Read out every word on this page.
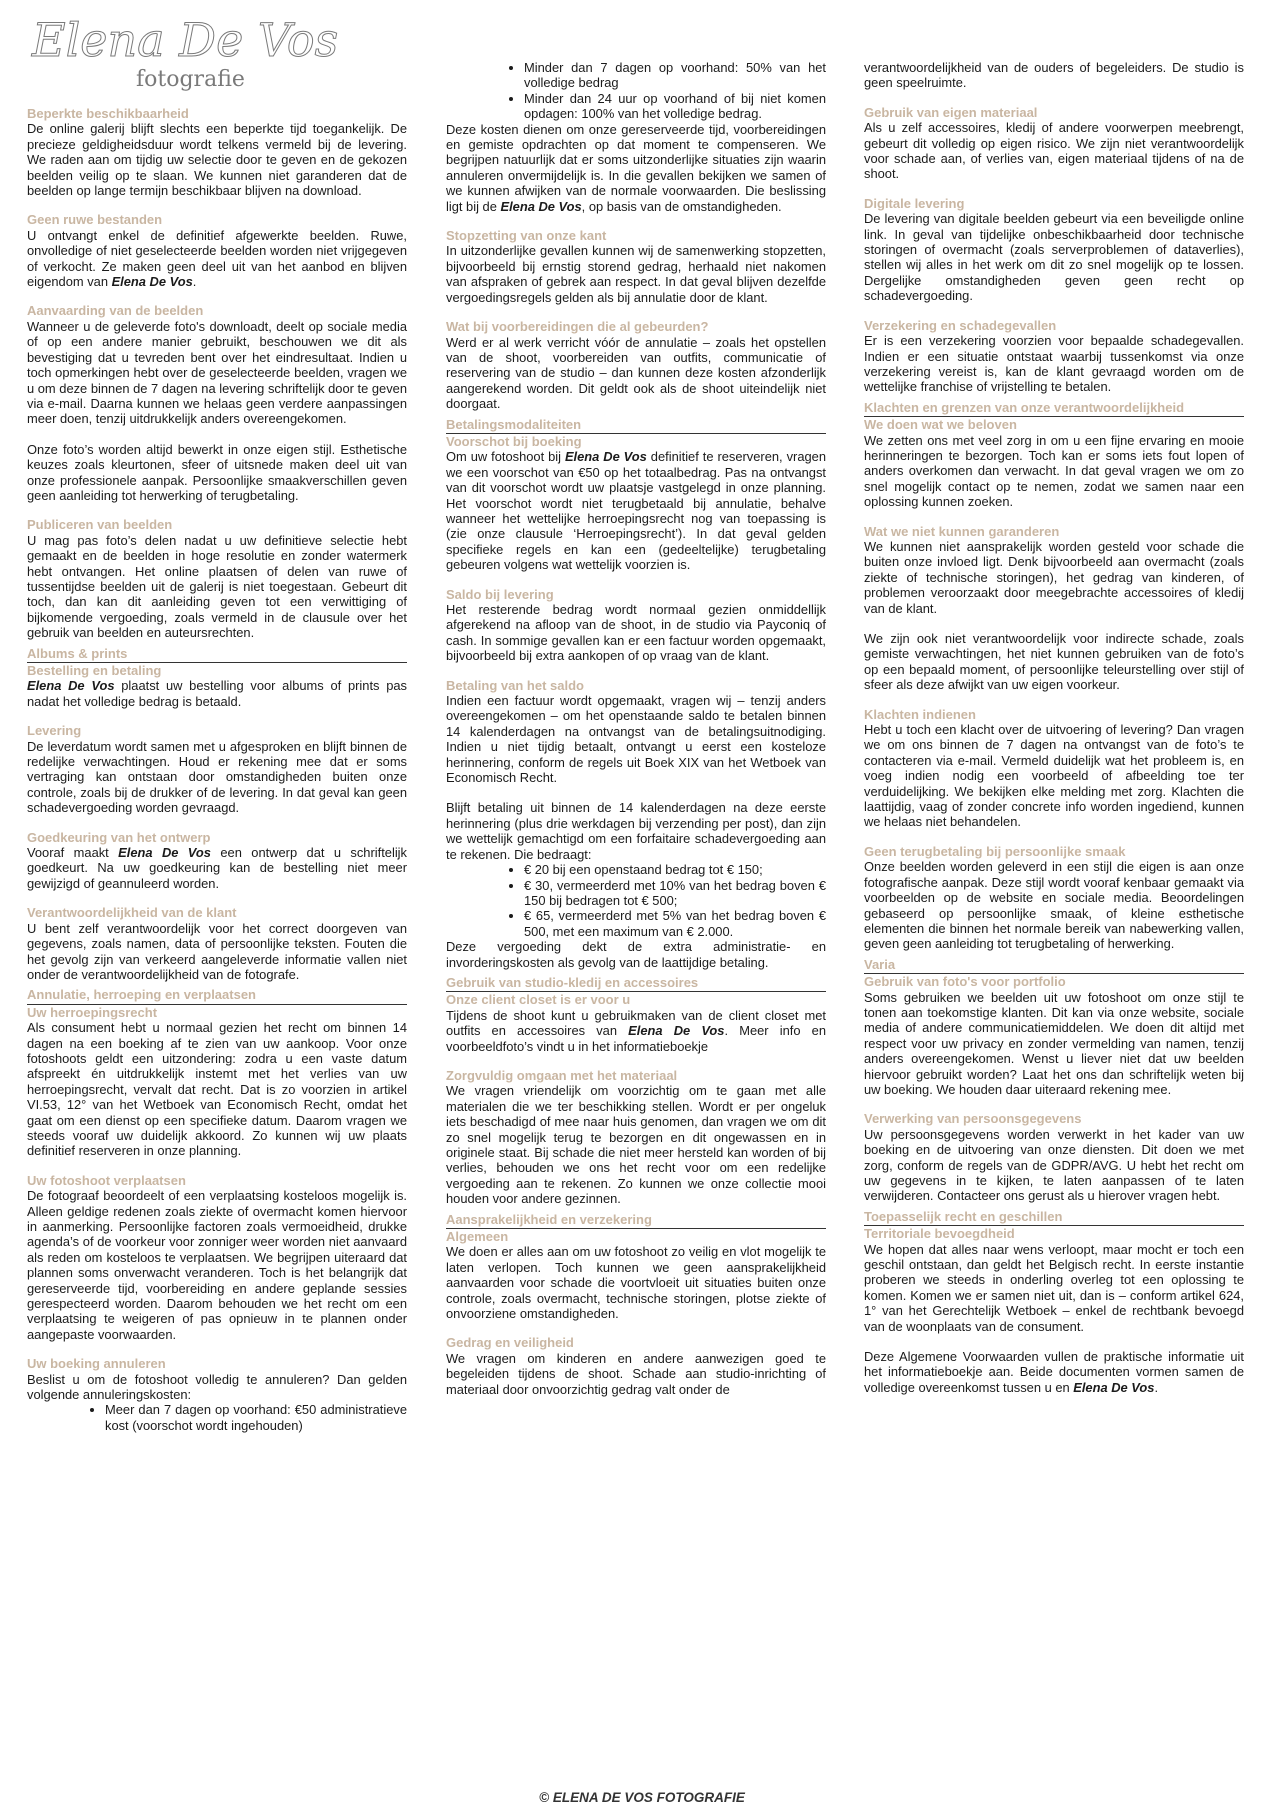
Elena De Vos
fotografie
Beperkte beschikbaarheid

De online galerij blijft slechts een beperkte tijd toegankelijk. De precieze geldigheidsduur wordt telkens vermeld bij de levering. We raden aan om tijdig uw selectie door te geven en de gekozen beelden veilig op te slaan. We kunnen niet garanderen dat de beelden op lange termijn beschikbaar blijven na download.

Geen ruwe bestanden

U ontvangt enkel de definitief afgewerkte beelden. Ruwe, onvolledige of niet geselecteerde beelden worden niet vrijgegeven of verkocht. Ze maken geen deel uit van het aanbod en blijven eigendom van Elena De Vos.

Aanvaarding van de beelden

Wanneer u de geleverde foto's downloadt, deelt op sociale media of op een andere manier gebruikt, beschouwen we dit als bevestiging dat u tevreden bent over het eindresultaat. Indien u toch opmerkingen hebt over de geselecteerde beelden, vragen we u om deze binnen de 7 dagen na levering schriftelijk door te geven via e-mail. Daarna kunnen we helaas geen verdere aanpassingen meer doen, tenzij uitdrukkelijk anders overeengekomen.

Onze foto’s worden altijd bewerkt in onze eigen stijl. Esthetische keuzes zoals kleurtonen, sfeer of uitsnede maken deel uit van onze professionele aanpak. Persoonlijke smaakverschillen geven geen aanleiding tot herwerking of terugbetaling.

Publiceren van beelden

U mag pas foto’s delen nadat u uw definitieve selectie hebt gemaakt en de beelden in hoge resolutie en zonder watermerk hebt ontvangen. Het online plaatsen of delen van ruwe of tussentijdse beelden uit de galerij is niet toegestaan. Gebeurt dit toch, dan kan dit aanleiding geven tot een verwittiging of bijkomende vergoeding, zoals vermeld in de clausule over het gebruik van beelden en auteursrechten.

Albums & prints
Bestelling en betaling

Elena De Vos plaatst uw bestelling voor albums of prints pas nadat het volledige bedrag is betaald.

Levering

De leverdatum wordt samen met u afgesproken en blijft binnen de redelijke verwachtingen. Houd er rekening mee dat er soms vertraging kan ontstaan door omstandigheden buiten onze controle, zoals bij de drukker of de levering. In dat geval kan geen schadevergoeding worden gevraagd.

Goedkeuring van het ontwerp

Vooraf maakt Elena De Vos een ontwerp dat u schriftelijk goedkeurt. Na uw goedkeuring kan de bestelling niet meer gewijzigd of geannuleerd worden.

Verantwoordelijkheid van de klant

U bent zelf verantwoordelijk voor het correct doorgeven van gegevens, zoals namen, data of persoonlijke teksten. Fouten die het gevolg zijn van verkeerd aangeleverde informatie vallen niet onder de verantwoordelijkheid van de fotografe.

Annulatie, herroeping en verplaatsen
Uw herroepingsrecht

Als consument hebt u normaal gezien het recht om binnen 14 dagen na een boeking af te zien van uw aankoop. Voor onze fotoshoots geldt een uitzondering: zodra u een vaste datum afspreekt én uitdrukkelijk instemt met het verlies van uw herroepingsrecht, vervalt dat recht. Dat is zo voorzien in artikel VI.53, 12° van het Wetboek van Economisch Recht, omdat het gaat om een dienst op een specifieke datum. Daarom vragen we steeds vooraf uw duidelijk akkoord. Zo kunnen wij uw plaats definitief reserveren in onze planning.

Uw fotoshoot verplaatsen

De fotograaf beoordeelt of een verplaatsing kosteloos mogelijk is. Alleen geldige redenen zoals ziekte of overmacht komen hiervoor in aanmerking. Persoonlijke factoren zoals vermoeidheid, drukke agenda’s of de voorkeur voor zonniger weer worden niet aanvaard als reden om kosteloos te verplaatsen. We begrijpen uiteraard dat plannen soms onverwacht veranderen. Toch is het belangrijk dat gereserveerde tijd, voorbereiding en andere geplande sessies gerespecteerd worden. Daarom behouden we het recht om een verplaatsing te weigeren of pas opnieuw in te plannen onder aangepaste voorwaarden.

Uw boeking annuleren

Beslist u om de fotoshoot volledig te annuleren? Dan gelden volgende annuleringskosten:

• Meer dan 7 dagen op voorhand: €50 administratieve kost (voorschot wordt ingehouden)
• Minder dan 7 dagen op voorhand: 50% van het volledige bedrag
• Minder dan 24 uur op voorhand of bij niet komen opdagen: 100% van het volledige bedrag.

Deze kosten dienen om onze gereserveerde tijd, voorbereidingen en gemiste opdrachten op dat moment te compenseren. We begrijpen natuurlijk dat er soms uitzonderlijke situaties zijn waarin annuleren onvermijdelijk is. In die gevallen bekijken we samen of we kunnen afwijken van de normale voorwaarden. Die beslissing ligt bij de Elena De Vos, op basis van de omstandigheden.

Stopzetting van onze kant

In uitzonderlijke gevallen kunnen wij de samenwerking stopzetten, bijvoorbeeld bij ernstig storend gedrag, herhaald niet nakomen van afspraken of gebrek aan respect. In dat geval blijven dezelfde vergoedingsregels gelden als bij annulatie door de klant.

Wat bij voorbereidingen die al gebeurden?

Werd er al werk verricht vóór de annulatie – zoals het opstellen van de shoot, voorbereiden van outfits, communicatie of reservering van de studio – dan kunnen deze kosten afzonderlijk aangerekend worden. Dit geldt ook als de shoot uiteindelijk niet doorgaat.

Betalingsmodaliteiten
Voorschot bij boeking

Om uw fotoshoot bij Elena De Vos definitief te reserveren, vragen we een voorschot van €50 op het totaalbedrag. Pas na ontvangst van dit voorschot wordt uw plaatsje vastgelegd in onze planning. Het voorschot wordt niet terugbetaald bij annulatie, behalve wanneer het wettelijke herroepingsrecht nog van toepassing is (zie onze clausule ‘Herroepingsrecht’). In dat geval gelden specifieke regels en kan een (gedeeltelijke) terugbetaling gebeuren volgens wat wettelijk voorzien is.

Saldo bij levering

Het resterende bedrag wordt normaal gezien onmiddellijk afgerekend na afloop van de shoot, in de studio via Payconiq of cash. In sommige gevallen kan er een factuur worden opgemaakt, bijvoorbeeld bij extra aankopen of op vraag van de klant.

Betaling van het saldo

Indien een factuur wordt opgemaakt, vragen wij – tenzij anders overeengekomen – om het openstaande saldo te betalen binnen 14 kalenderdagen na ontvangst van de betalingsuitnodiging. Indien u niet tijdig betaalt, ontvangt u eerst een kosteloze herinnering, conform de regels uit Boek XIX van het Wetboek van Economisch Recht.

Blijft betaling uit binnen de 14 kalenderdagen na deze eerste herinnering (plus drie werkdagen bij verzending per post), dan zijn we wettelijk gemachtigd om een forfaitaire schadevergoeding aan te rekenen. Die bedraagt:

• € 20 bij een openstaand bedrag tot € 150;
• € 30, vermeerderd met 10% van het bedrag boven € 150 bij bedragen tot € 500;
• € 65, vermeerderd met 5% van het bedrag boven € 500, met een maximum van € 2.000.

Deze vergoeding dekt de extra administratie- en invorderingskosten als gevolg van de laattijdige betaling.

Gebruik van studio-kledij en accessoires
Onze client closet is er voor u

Tijdens de shoot kunt u gebruikmaken van de client closet met outfits en accessoires van Elena De Vos. Meer info en voorbeeldfoto’s vindt u in het informatieboekje

Zorgvuldig omgaan met het materiaal

We vragen vriendelijk om voorzichtig om te gaan met alle materialen die we ter beschikking stellen. Wordt er per ongeluk iets beschadigd of mee naar huis genomen, dan vragen we om dit zo snel mogelijk terug te bezorgen en dit ongewassen en in originele staat. Bij schade die niet meer hersteld kan worden of bij verlies, behouden we ons het recht voor om een redelijke vergoeding aan te rekenen. Zo kunnen we onze collectie mooi houden voor andere gezinnen.

Aansprakelijkheid en verzekering
Algemeen

We doen er alles aan om uw fotoshoot zo veilig en vlot mogelijk te laten verlopen. Toch kunnen we geen aansprakelijkheid aanvaarden voor schade die voortvloeit uit situaties buiten onze controle, zoals overmacht, technische storingen, plotse ziekte of onvoorziene omstandigheden.

Gedrag en veiligheid

We vragen om kinderen en andere aanwezigen goed te begeleiden tijdens de shoot. Schade aan studio-inrichting of materiaal door onvoorzichtig gedrag valt onder de

verantwoordelijkheid van de ouders of begeleiders. De studio is geen speelruimte.

Gebruik van eigen materiaal

Als u zelf accessoires, kledij of andere voorwerpen meebrengt, gebeurt dit volledig op eigen risico. We zijn niet verantwoordelijk voor schade aan, of verlies van, eigen materiaal tijdens of na de shoot.

Digitale levering

De levering van digitale beelden gebeurt via een beveiligde online link. In geval van tijdelijke onbeschikbaarheid door technische storingen of overmacht (zoals serverproblemen of dataverlies), stellen wij alles in het werk om dit zo snel mogelijk op te lossen. Dergelijke omstandigheden geven geen recht op schadevergoeding.

Verzekering en schadegevallen

Er is een verzekering voorzien voor bepaalde schadegevallen. Indien er een situatie ontstaat waarbij tussenkomst via onze verzekering vereist is, kan de klant gevraagd worden om de wettelijke franchise of vrijstelling te betalen.

Klachten en grenzen van onze verantwoordelijkheid
We doen wat we beloven

We zetten ons met veel zorg in om u een fijne ervaring en mooie herinneringen te bezorgen. Toch kan er soms iets fout lopen of anders overkomen dan verwacht. In dat geval vragen we om zo snel mogelijk contact op te nemen, zodat we samen naar een oplossing kunnen zoeken.

Wat we niet kunnen garanderen

We kunnen niet aansprakelijk worden gesteld voor schade die buiten onze invloed ligt. Denk bijvoorbeeld aan overmacht (zoals ziekte of technische storingen), het gedrag van kinderen, of problemen veroorzaakt door meegebrachte accessoires of kledij van de klant.

We zijn ook niet verantwoordelijk voor indirecte schade, zoals gemiste verwachtingen, het niet kunnen gebruiken van de foto’s op een bepaald moment, of persoonlijke teleurstelling over stijl of sfeer als deze afwijkt van uw eigen voorkeur.

Klachten indienen

Hebt u toch een klacht over de uitvoering of levering? Dan vragen we om ons binnen de 7 dagen na ontvangst van de foto’s te contacteren via e-mail. Vermeld duidelijk wat het probleem is, en voeg indien nodig een voorbeeld of afbeelding toe ter verduidelijking. We bekijken elke melding met zorg. Klachten die laattijdig, vaag of zonder concrete info worden ingediend, kunnen we helaas niet behandelen.

Geen terugbetaling bij persoonlijke smaak

Onze beelden worden geleverd in een stijl die eigen is aan onze fotografische aanpak. Deze stijl wordt vooraf kenbaar gemaakt via voorbeelden op de website en sociale media. Beoordelingen gebaseerd op persoonlijke smaak, of kleine esthetische elementen die binnen het normale bereik van nabewerking vallen, geven geen aanleiding tot terugbetaling of herwerking.

Varia
Gebruik van foto's voor portfolio

Soms gebruiken we beelden uit uw fotoshoot om onze stijl te tonen aan toekomstige klanten. Dit kan via onze website, sociale media of andere communicatiemiddelen. We doen dit altijd met respect voor uw privacy en zonder vermelding van namen, tenzij anders overeengekomen. Wenst u liever niet dat uw beelden hiervoor gebruikt worden? Laat het ons dan schriftelijk weten bij uw boeking. We houden daar uiteraard rekening mee.

Verwerking van persoonsgegevens

Uw persoonsgegevens worden verwerkt in het kader van uw boeking en de uitvoering van onze diensten. Dit doen we met zorg, conform de regels van de GDPR/AVG. U hebt het recht om uw gegevens in te kijken, te laten aanpassen of te laten verwijderen. Contacteer ons gerust als u hierover vragen hebt.

Toepasselijk recht en geschillen
Territoriale bevoegdheid

We hopen dat alles naar wens verloopt, maar mocht er toch een geschil ontstaan, dan geldt het Belgisch recht. In eerste instantie proberen we steeds in onderling overleg tot een oplossing te komen. Komen we er samen niet uit, dan is – conform artikel 624, 1° van het Gerechtelijk Wetboek – enkel de rechtbank bevoegd van de woonplaats van de consument.

Deze Algemene Voorwaarden vullen de praktische informatie uit het informatieboekje aan. Beide documenten vormen samen de volledige overeenkomst tussen u en Elena De Vos.

© ELENA DE VOS FOTOGRAFIE
